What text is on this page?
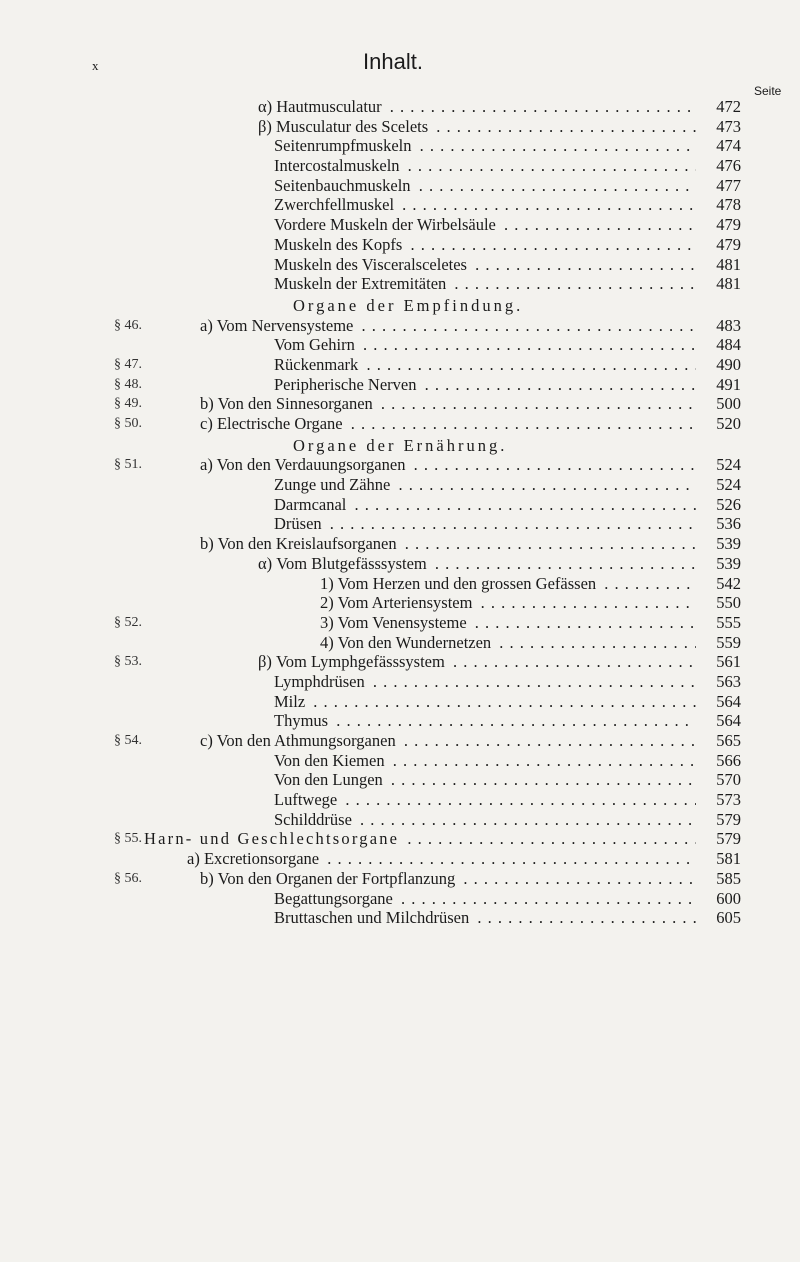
x	Inhalt.
Seite
α) Hautmusculatur . . .	472
β) Musculatur des Scelets . . .	473
Seitenrumpfmuskeln . . .	474
Intercostalmuskeln . . .	476
Seitenbauchmuskeln . . .	477
Zwerchfellmuskel . . .	478
Vordere Muskeln der Wirbelsäule . . .	479
Muskeln des Kopfs . . .	479
Muskeln des Visceralsceletes . . .	481
Muskeln der Extremitäten . . .	481
Organe der Empfindung.
§ 46.	a) Vom Nervensysteme . . .	483
Vom Gehirn . . .	484
§ 47.	Rückenmark . . .	490
§ 48.	Peripherische Nerven . . .	491
§ 49.	b) Von den Sinnesorganen . . .	500
§ 50.	c) Electrische Organe . . .	520
Organe der Ernährung.
§ 51.	a) Von den Verdauungsorganen . . .	524
Zunge und Zähne . . .	524
Darmcanal . . .	526
Drüsen . . .	536
b) Von den Kreislaufsorganen . . .	539
α) Vom Blutgefässsystem . . .	539
1) Vom Herzen und den grossen Gefässen . . .	542
2) Vom Arteriensystem . . .	550
§ 52.	3) Vom Venensysteme . . .	555
4) Von den Wundernetzen . . .	559
§ 53.	β) Vom Lymphgefässsystem . . .	561
Lymphdrüsen . . .	563
Milz . . .	564
Thymus . . .	564
§ 54.	c) Von den Athmungsorganen . . .	565
Von den Kiemen . . .	566
Von den Lungen . . .	570
Luftwege . . .	573
Schilddrüse . . .	579
§ 55. Harn- und Geschlechtsorgane . . .	579
a) Excretionsorgane . . .	581
§ 56.	b) Von den Organen der Fortpflanzung . . .	585
Begattungsorgane . . .	600
Bruttaschen und Milchdrüsen . . .	605
